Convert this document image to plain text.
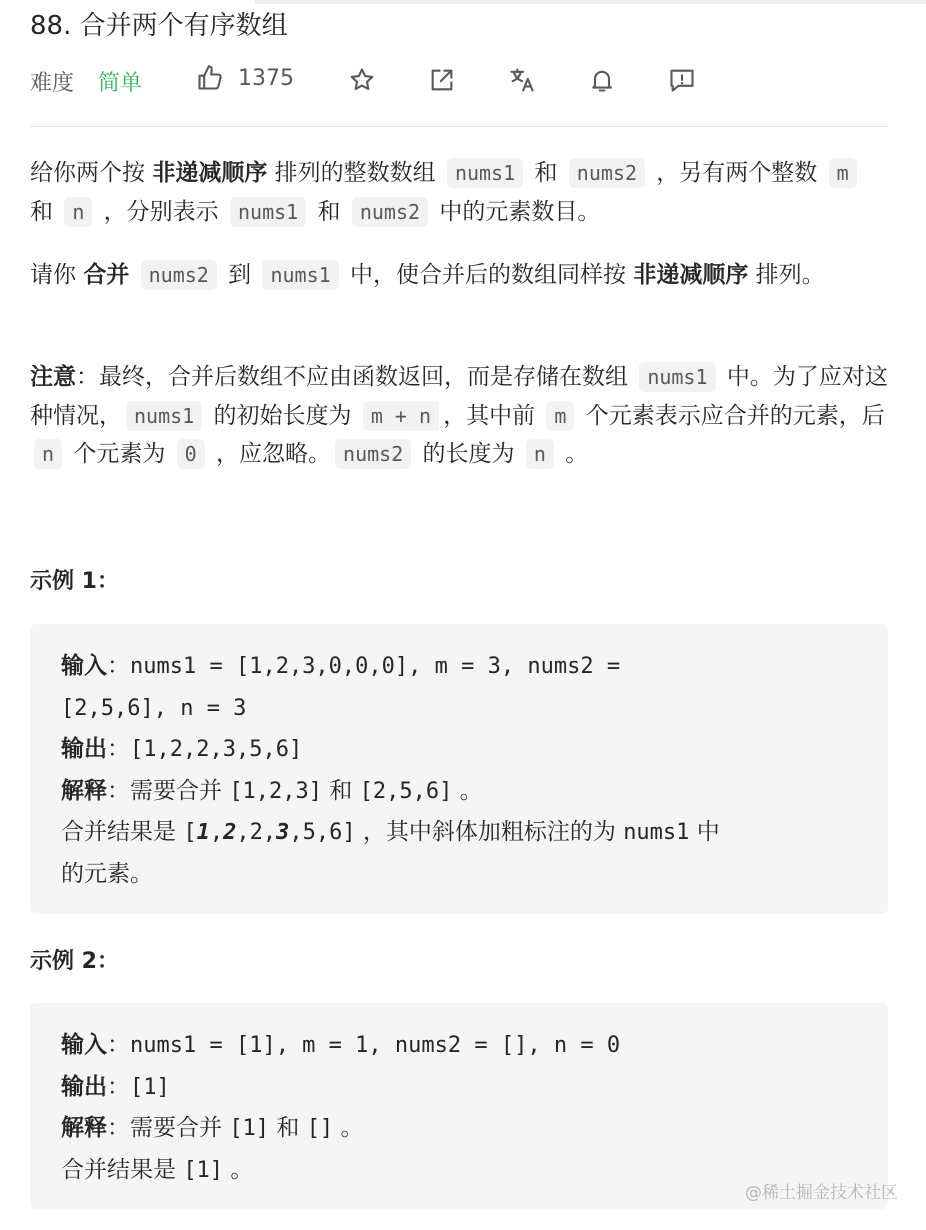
88. 合并两个有序数组
难度 简单	1375
给你两个按 非递减顺序 排列的整数数组 nums1 和 nums2 ，另有两个整数 m 和 n ，分别表示 nums1 和 nums2 中的元素数目。
请你 合并 nums2 到 nums1 中，使合并后的数组同样按 非递减顺序 排列。
注意：最终，合并后数组不应由函数返回，而是存储在数组 nums1 中。为了应对这种情况， nums1 的初始长度为 m + n ，其中前 m 个元素表示应合并的元素，后 n 个元素为 0 ，应忽略。 nums2 的长度为 n 。
示例 1：
输入：nums1 = [1,2,3,0,0,0], m = 3, nums2 =
[2,5,6], n = 3
输出：[1,2,2,3,5,6]
解释：需要合并 [1,2,3] 和 [2,5,6] 。
合并结果是 [1,2,2,3,5,6] ，其中斜体加粗标注的为 nums1 中
的元素。
示例 2：
输入：nums1 = [1], m = 1, nums2 = [], n = 0
输出：[1]
解释：需要合并 [1] 和 [] 。
合并结果是 [1] 。
@稀土掘金技术社区
